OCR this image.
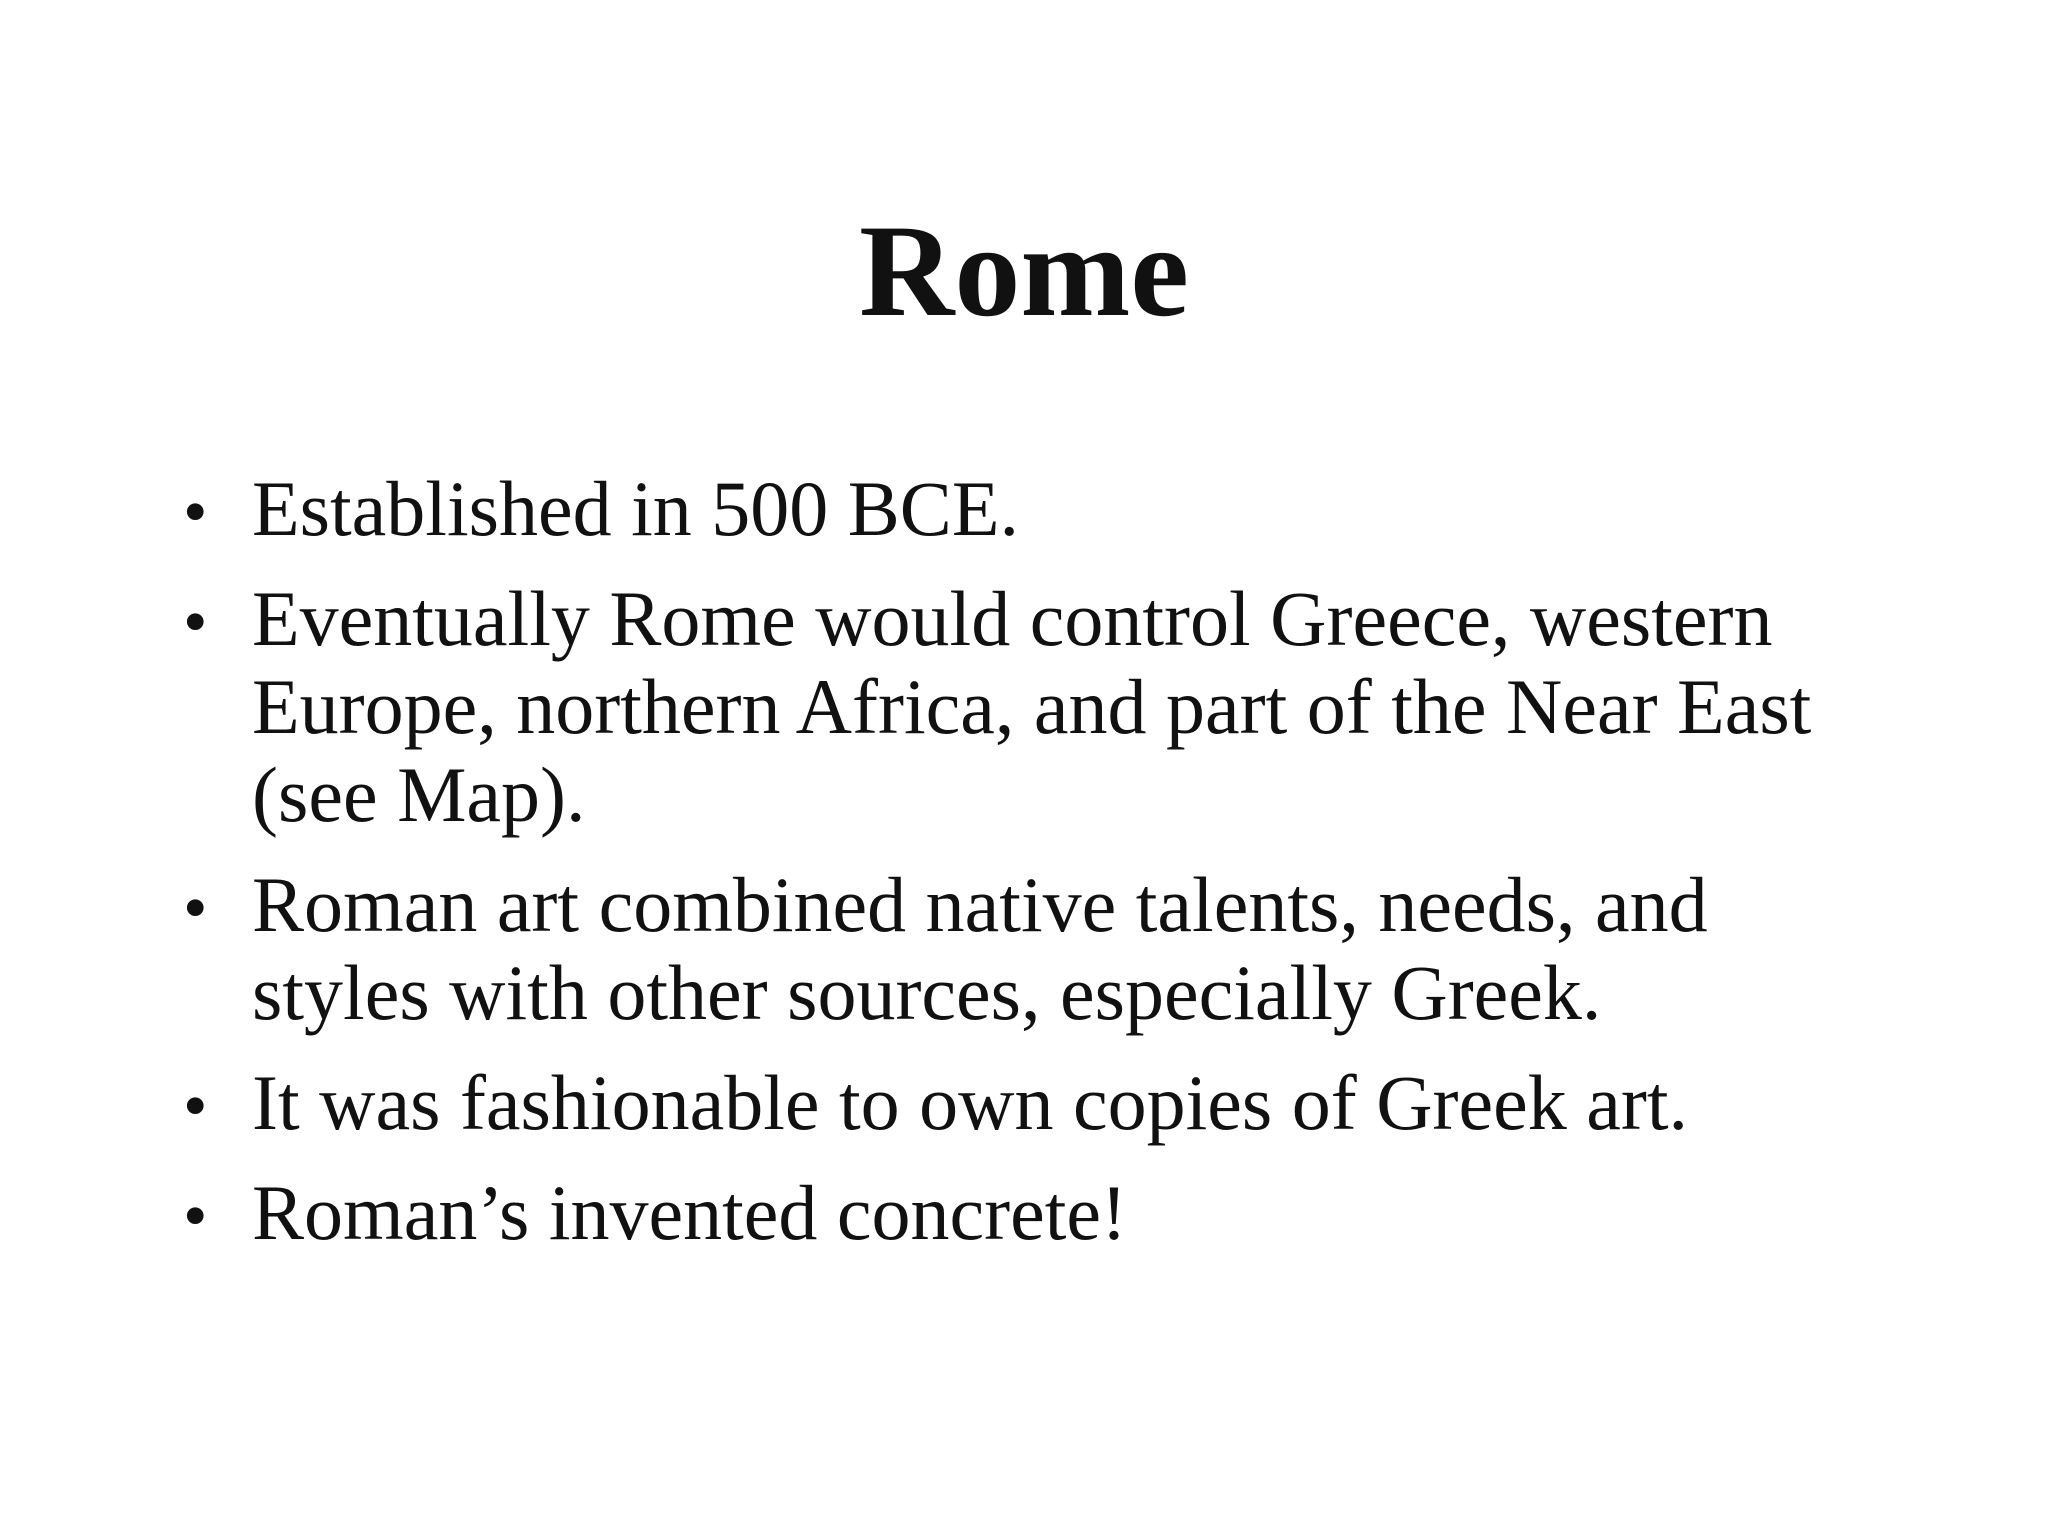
Rome
• Established in 500 BCE.
• Eventually Rome would control Greece, western Europe, northern Africa, and part of the Near East (see Map).
• Roman art combined native talents, needs, and styles with other sources, especially Greek.
• It was fashionable to own copies of Greek art.
• Roman’s invented concrete!
